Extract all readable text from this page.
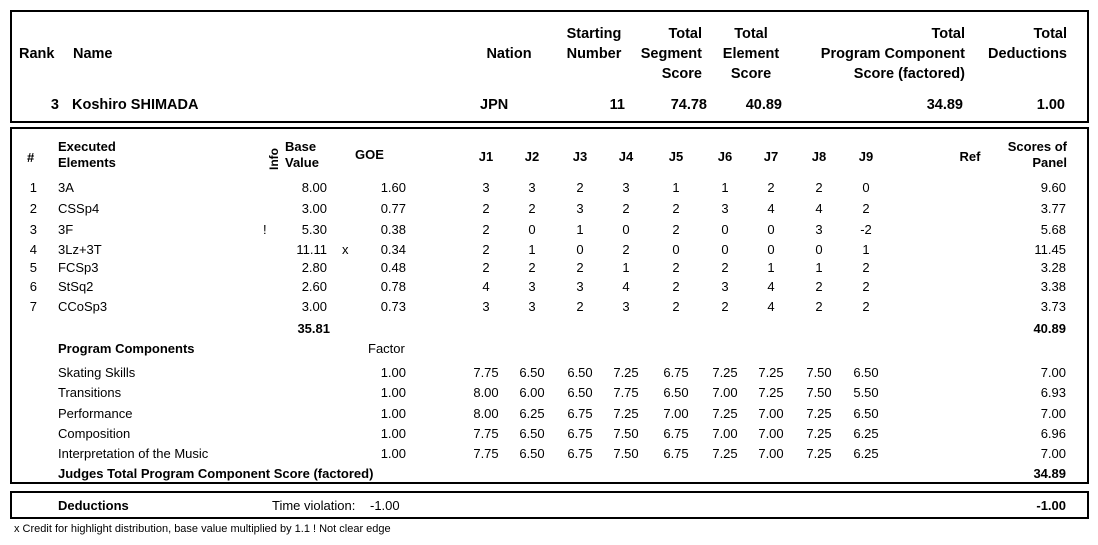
Rank Name	Nation
Starting
Number
Total
Segment
Score
Total
Element
Score
Total
Program Component
Score (factored)
Total
Deductions
3 Koshiro SHIMADA	JPN	11	74.78	40.89	34.89	1.00
#
Executed
Elements	Info
Base
Value
GOE	J1 J2	J3 J4	J5	J6 J7	J8	J9	Ref
Scores of
Panel
1 3A	8.00	1.60	3	3	2	3	1	1	2	2	0	9.60
2 CSSp4	3.00	0.77	2	2	3	2	2	3	4	4	2	3.77
3 3F	!	5.30	0.38	2	0	1	0	2	0	0	3	-2	5.68
4 3Lz+3T	11.11 x 0.34	2	1	0	2	0	0	0	0	1	11.45
5 FCSp3	2.80	0.48	2	2	2	1	2	2	1	1	2	3.28
6 StSq2	2.60	0.78	4	3	3	4	2	3	4	2	2	3.38
7 CCoSp3	3.00	0.73	3	3	2	3	2	2	4	2	2	3.73
35.81	40.89
Program Components	Factor
Skating Skills	1.00	7.75 6.50 6.50 7.25 6.75 7.25 7.25 7.50 6.50	7.00
Transitions	1.00	8.00 6.00 6.50 7.75 6.50 7.00 7.25 7.50 5.50	6.93
Performance	1.00	8.00 6.25 6.75 7.25 7.00 7.25 7.00 7.25 6.50	7.00
Composition	1.00	7.75 6.50 6.75 7.50 6.75 7.00 7.00 7.25 6.25	6.96
Interpretation of the Music	1.00	7.75 6.50 6.75 7.50 6.75 7.25 7.00 7.25 6.25	7.00
Judges Total Program Component Score (factored)	34.89
Deductions	Time violation: -1.00	-1.00
x Credit for highlight distribution, base value multiplied by 1.1 ! Not clear edge
